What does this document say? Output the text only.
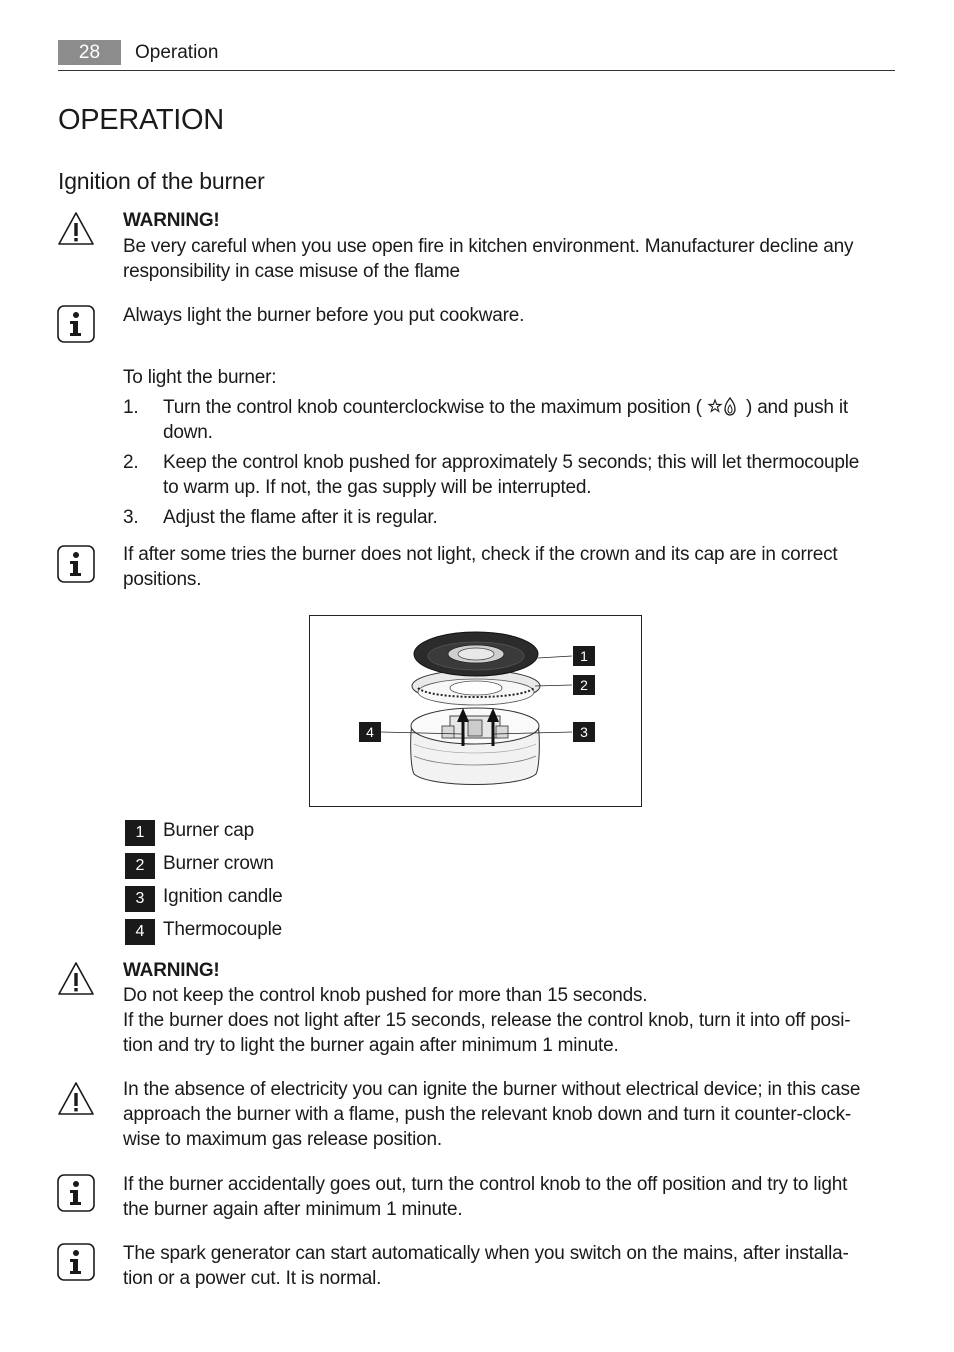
28	Operation
OPERATION
Ignition of the burner
WARNING!
Be very careful when you use open fire in kitchen environment. Manufacturer decline any
responsibility in case misuse of the flame
Always light the burner before you put cookware.
To light the burner:
1. Turn the control knob counterclockwise to the maximum position ( ) and push it
down.
2. Keep the control knob pushed for approximately 5 seconds; this will let thermocouple
to warm up. If not, the gas supply will be interrupted.
3. Adjust the flame after it is regular.
If after some tries the burner does not light, check if the crown and its cap are in correct
positions.
1
2
3
4
1 Burner cap
2 Burner crown
3 Ignition candle
4 Thermocouple
WARNING!
Do not keep the control knob pushed for more than 15 seconds.
If the burner does not light after 15 seconds, release the control knob, turn it into off posi-
tion and try to light the burner again after minimum 1 minute.
In the absence of electricity you can ignite the burner without electrical device; in this case
approach the burner with a flame, push the relevant knob down and turn it counter-clock-
wise to maximum gas release position.
If the burner accidentally goes out, turn the control knob to the off position and try to light
the burner again after minimum 1 minute.
The spark generator can start automatically when you switch on the mains, after installa-
tion or a power cut. It is normal.
